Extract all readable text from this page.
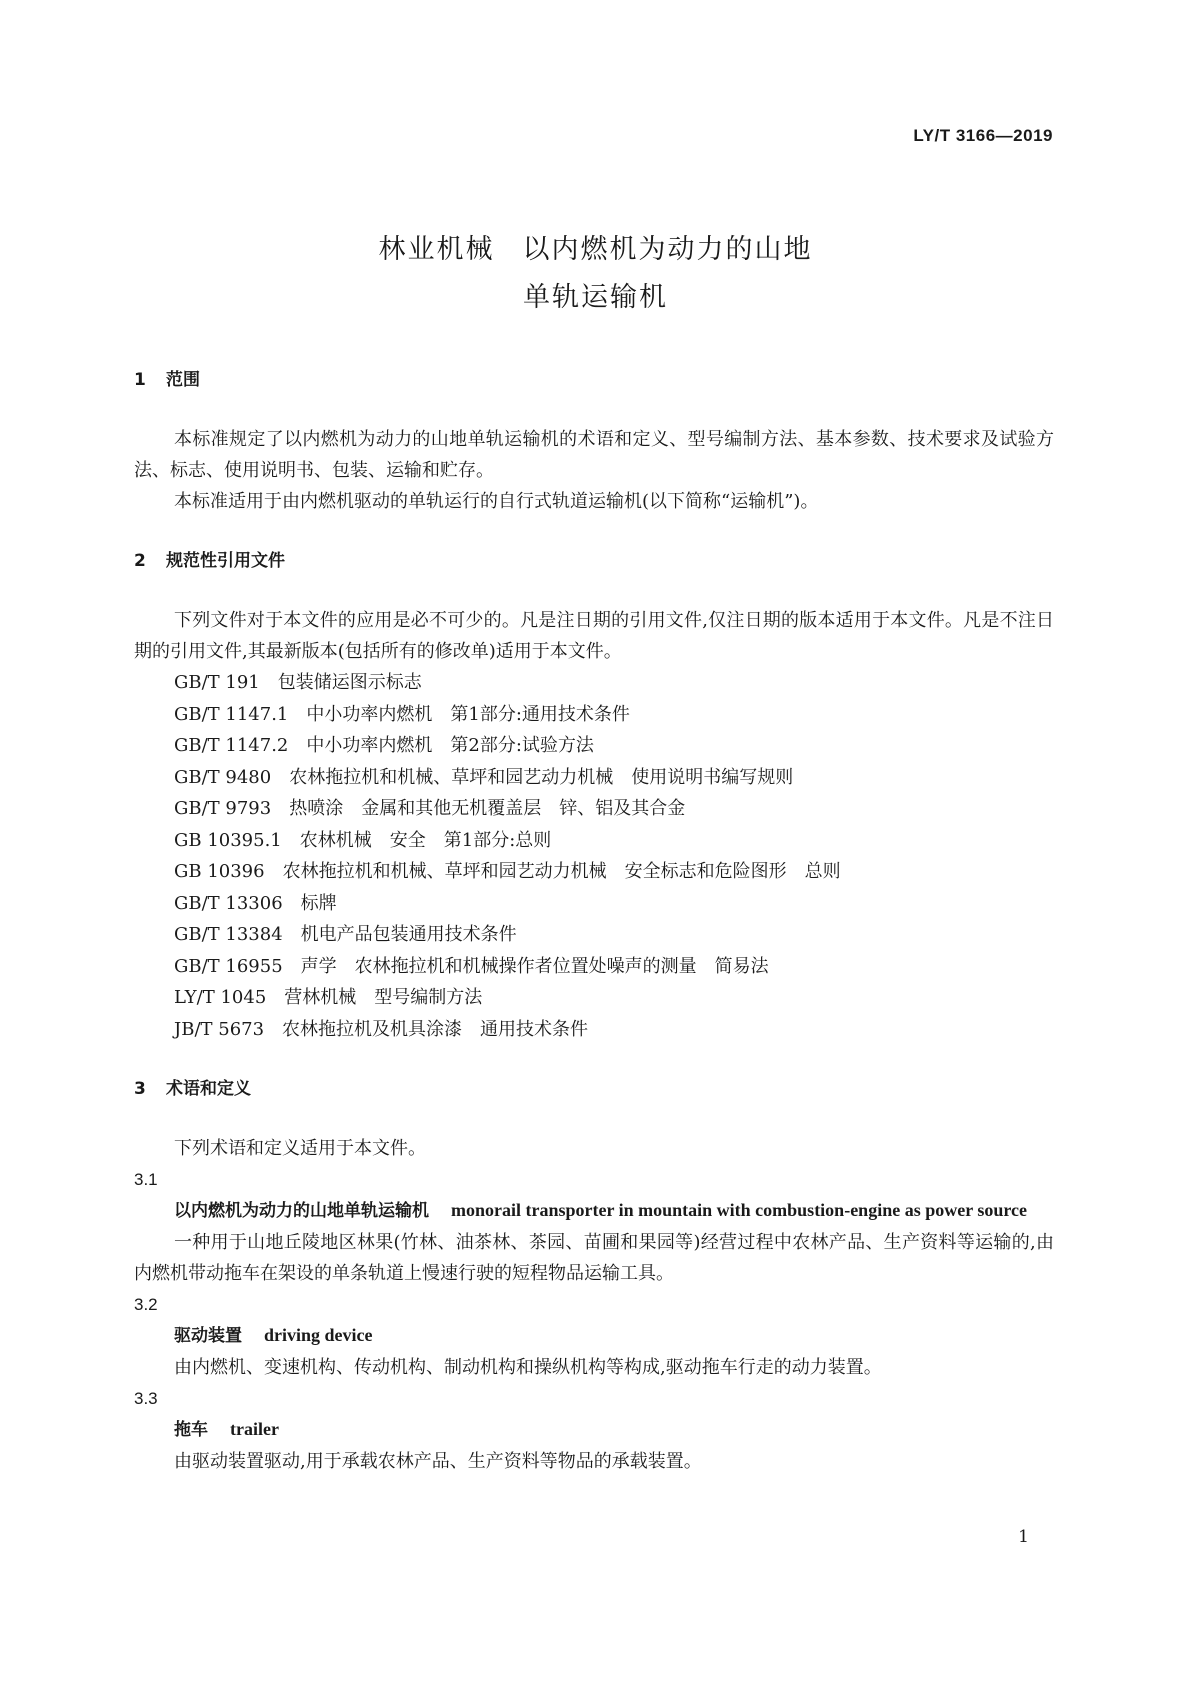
LY/T 3166—2019
林业机械 以内燃机为动力的山地
单轨运输机
1 范围
本标准规定了以内燃机为动力的山地单轨运输机的术语和定义、型号编制方法、基本参数、技术要求及试验方法、标志、使用说明书、包装、运输和贮存。
本标准适用于由内燃机驱动的单轨运行的自行式轨道运输机(以下简称“运输机”)。
2 规范性引用文件
下列文件对于本文件的应用是必不可少的。凡是注日期的引用文件,仅注日期的版本适用于本文件。凡是不注日期的引用文件,其最新版本(包括所有的修改单)适用于本文件。
GB/T 191 包装储运图示标志
GB/T 1147.1 中小功率内燃机　第1部分:通用技术条件
GB/T 1147.2 中小功率内燃机　第2部分:试验方法
GB/T 9480 农林拖拉机和机械、草坪和园艺动力机械　使用说明书编写规则
GB/T 9793 热喷涂　金属和其他无机覆盖层　锌、铝及其合金
GB 10395.1 农林机械　安全　第1部分:总则
GB 10396 农林拖拉机和机械、草坪和园艺动力机械　安全标志和危险图形　总则
GB/T 13306 标牌
GB/T 13384 机电产品包装通用技术条件
GB/T 16955 声学　农林拖拉机和机械操作者位置处噪声的测量　简易法
LY/T 1045 营林机械　型号编制方法
JB/T 5673 农林拖拉机及机具涂漆　通用技术条件
3 术语和定义
下列术语和定义适用于本文件。
3.1
以内燃机为动力的山地单轨运输机 monorail transporter in mountain with combustion-engine as power source
一种用于山地丘陵地区林果(竹林、油茶林、茶园、苗圃和果园等)经营过程中农林产品、生产资料等运输的,由内燃机带动拖车在架设的单条轨道上慢速行驶的短程物品运输工具。
3.2
驱动装置 driving device
由内燃机、变速机构、传动机构、制动机构和操纵机构等构成,驱动拖车行走的动力装置。
3.3
拖车 trailer
由驱动装置驱动,用于承载农林产品、生产资料等物品的承载装置。
1
